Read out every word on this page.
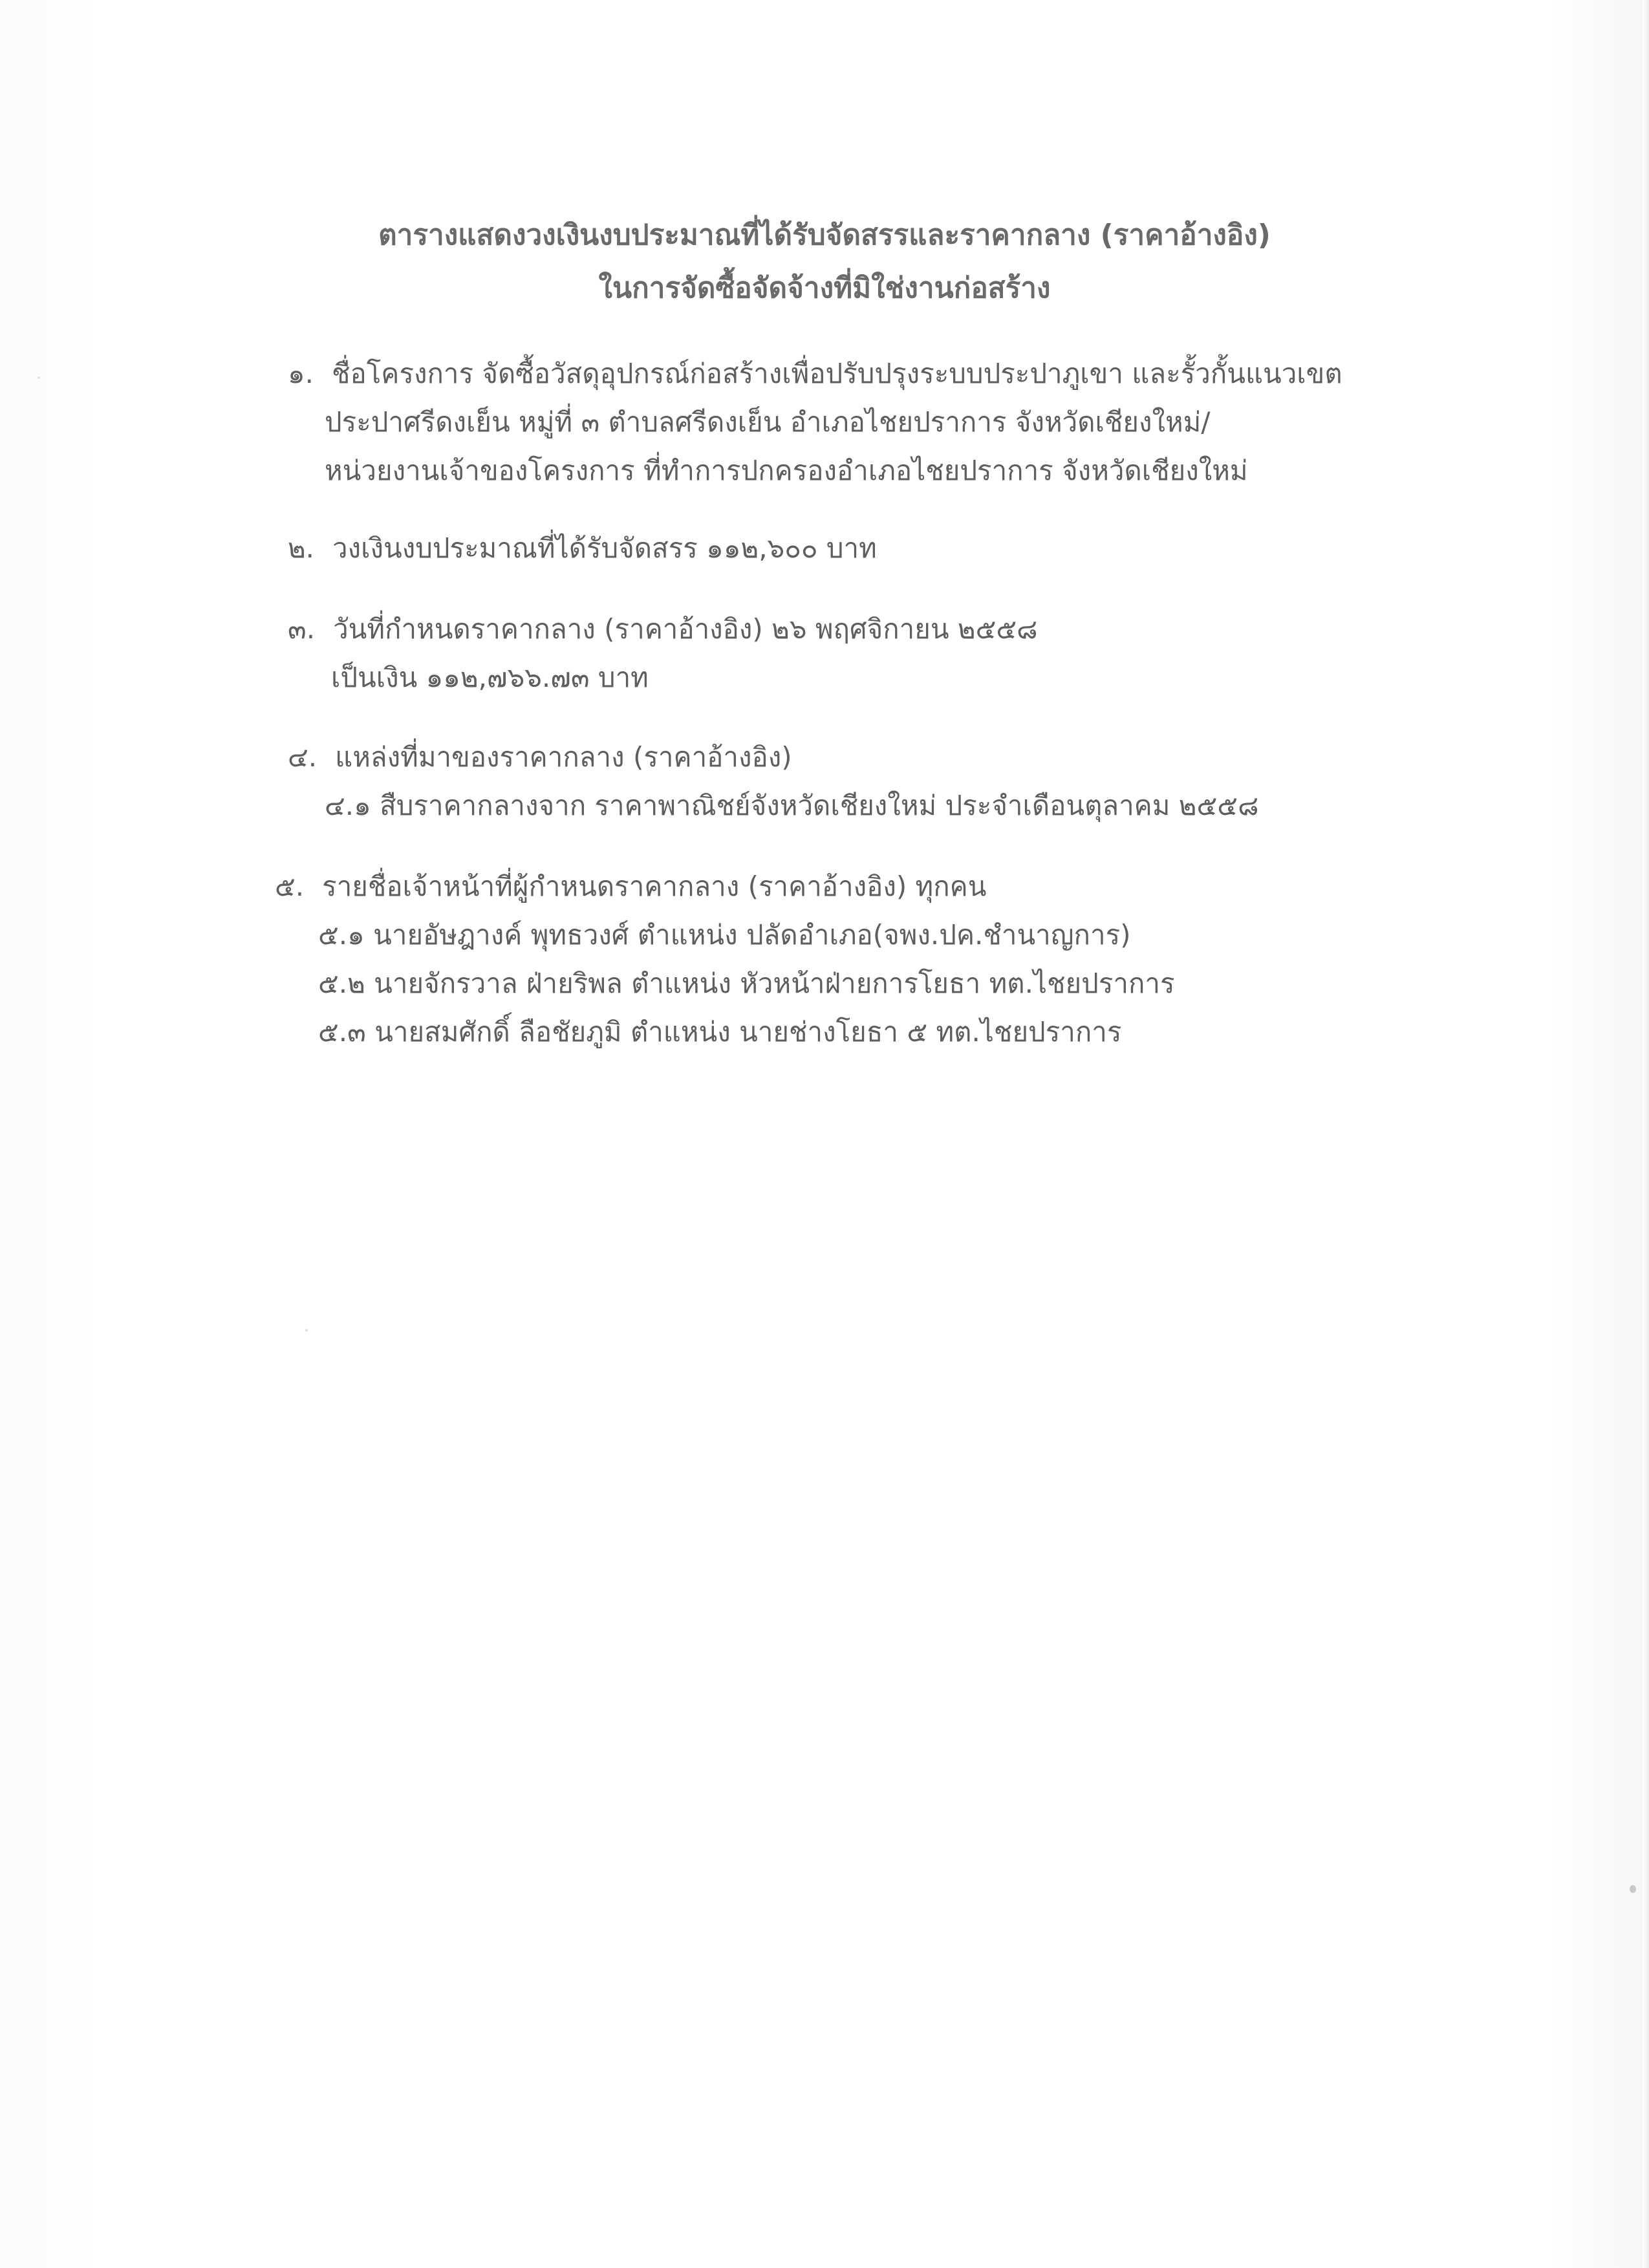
ตารางแสดงวงเงินงบประมาณที่ได้รับจัดสรรและราคากลาง (ราคาอ้างอิง)
ในการจัดซื้อจัดจ้างที่มิใช่งานก่อสร้าง
๑. ชื่อโครงการ จัดซื้อวัสดุอุปกรณ์ก่อสร้างเพื่อปรับปรุงระบบประปาภูเขา และรั้วกั้นแนวเขต
ประปาศรีดงเย็น หมู่ที่ ๓ ตำบลศรีดงเย็น อำเภอไชยปราการ จังหวัดเชียงใหม่/
หน่วยงานเจ้าของโครงการ ที่ทำการปกครองอำเภอไชยปราการ จังหวัดเชียงใหม่
๒. วงเงินงบประมาณที่ได้รับจัดสรร ๑๑๒,๖๐๐ บาท
๓. วันที่กำหนดราคากลาง (ราคาอ้างอิง) ๒๖ พฤศจิกายน ๒๕๕๘
เป็นเงิน ๑๑๒,๗๖๖.๗๓ บาท
๔. แหล่งที่มาของราคากลาง (ราคาอ้างอิง)
๔.๑ สืบราคากลางจาก ราคาพาณิชย์จังหวัดเชียงใหม่ ประจำเดือนตุลาคม ๒๕๕๘
๕. รายชื่อเจ้าหน้าที่ผู้กำหนดราคากลาง (ราคาอ้างอิง) ทุกคน
๕.๑ นายอัษฎางค์ พุทธวงศ์ ตำแหน่ง ปลัดอำเภอ(จพง.ปค.ชำนาญการ)
๕.๒ นายจักรวาล ฝ่ายริพล ตำแหน่ง หัวหน้าฝ่ายการโยธา ทต.ไชยปราการ
๕.๓ นายสมศักดิ์ ลือชัยภูมิ ตำแหน่ง นายช่างโยธา ๕ ทต.ไชยปราการ
